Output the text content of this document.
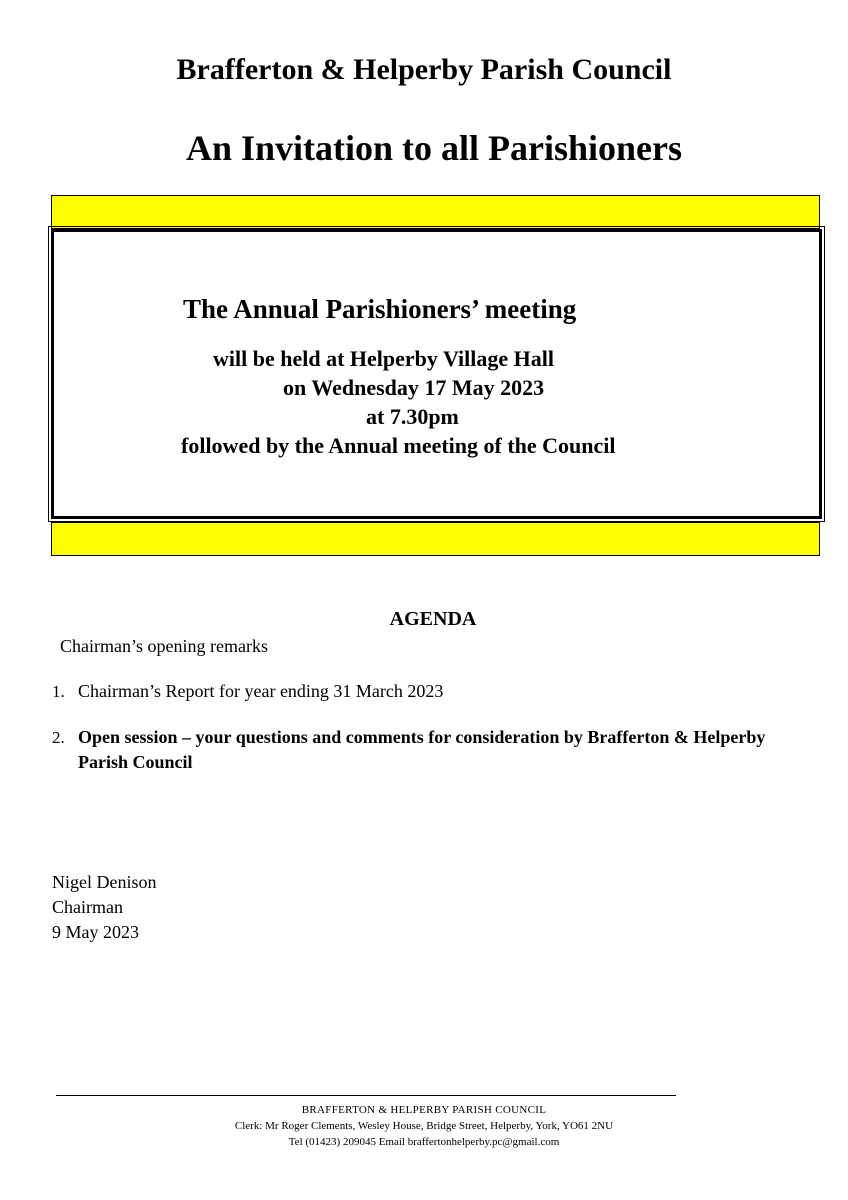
Brafferton & Helperby Parish Council
An Invitation to all Parishioners
The Annual Parishioners’ meeting
will be held at Helperby Village Hall
on Wednesday 17 May 2023
at 7.30pm
followed by the Annual meeting of the Council
AGENDA
Chairman’s opening remarks
1. Chairman’s Report for year ending 31 March 2023
2. Open session – your questions and comments for consideration by Brafferton & Helperby Parish Council
Nigel Denison
Chairman
9 May 2023
BRAFFERTON & HELPERBY PARISH COUNCIL
Clerk: Mr Roger Clements, Wesley House, Bridge Street, Helperby, York, YO61 2NU
Tel (01423) 209045 Email braffertonhelperby.pc@gmail.com
